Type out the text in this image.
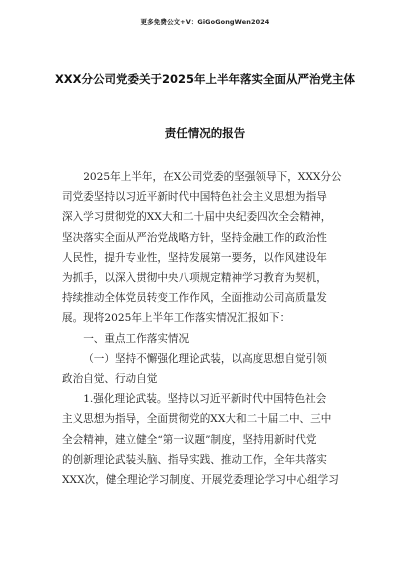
更多免费公文+V：GiGoGongWen2024
XXX分公司党委关于2025年上半年落实全面从严治党主体
责任情况的报告
2025年上半年，在X公司党委的坚强领导下，XXX分公
司党委坚持以习近平新时代中国特色社会主义思想为指导
深入学习贯彻党的XX大和二十届中央纪委四次全会精神，
坚决落实全面从严治党战略方针，坚持金融工作的政治性
人民性，提升专业性，坚持发展第一要务，以作风建设年
为抓手，以深入贯彻中央八项规定精神学习教育为契机，
持续推动全体党员转变工作作风，全面推动公司高质量发
展。现将2025年上半年工作落实情况汇报如下：
一、重点工作落实情况
（一）坚持不懈强化理论武装，以高度思想自觉引领
政治自觉、行动自觉
1.强化理论武装。坚持以习近平新时代中国特色社会
主义思想为指导，全面贯彻党的XX大和二十届二中、三中
全会精神，建立健全“第一议题”制度，坚持用新时代党
的创新理论武装头脑、指导实践、推动工作，全年共落实
XXX次，健全理论学习制度、开展党委理论学习中心组学习
